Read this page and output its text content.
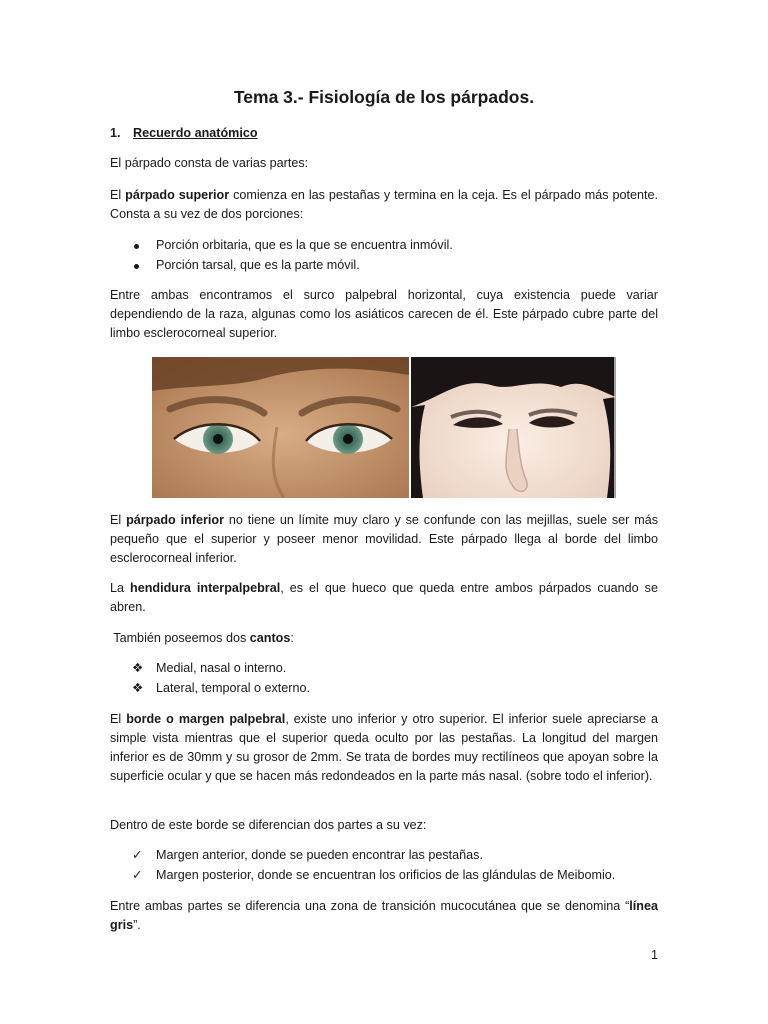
Tema 3.- Fisiología de los párpados.
1. Recuerdo anatómico

El párpado consta de varias partes:

El párpado superior comienza en las pestañas y termina en la ceja. Es el párpado más potente. Consta a su vez de dos porciones:

Porción orbitaria, que es la que se encuentra inmóvil.
Porción tarsal, que es la parte móvil.

Entre ambas encontramos el surco palpebral horizontal, cuya existencia puede variar dependiendo de la raza, algunas como los asiáticos carecen de él. Este párpado cubre parte del limbo esclerocorneal superior.

El párpado inferior no tiene un límite muy claro y se confunde con las mejillas, suele ser más pequeño que el superior y poseer menor movilidad. Este párpado llega al borde del limbo esclerocorneal inferior.

La hendidura interpalpebral, es el que hueco que queda entre ambos párpados cuando se abren.

También poseemos dos cantos:

❖	Medial, nasal o interno.
❖	Lateral, temporal o externo.

El borde o margen palpebral, existe uno inferior y otro superior. El inferior suele apreciarse a simple vista mientras que el superior queda oculto por las pestañas. La longitud del margen inferior es de 30mm y su grosor de 2mm. Se trata de bordes muy rectilíneos que apoyan sobre la superficie ocular y que se hacen más redondeados en la parte más nasal. (sobre todo el inferior).

Dentro de este borde se diferencian dos partes a su vez:

✓	Margen anterior, donde se pueden encontrar las pestañas.
✓	Margen posterior, donde se encuentran los orificios de las glándulas de Meibomio.

Entre ambas partes se diferencia una zona de transición mucocutánea que se denomina “línea gris”.

1
